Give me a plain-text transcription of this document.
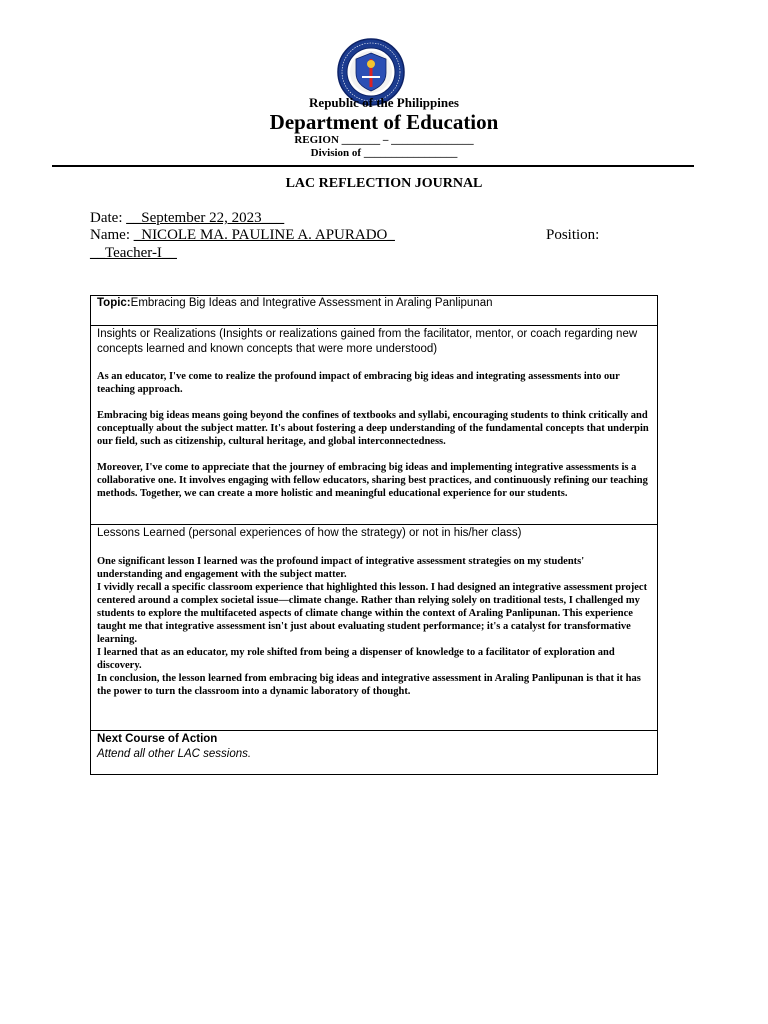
Republic of the Philippines
Department of Education
REGION _______ – _______________
Division of _________________
LAC REFLECTION JOURNAL
Date: __September 22, 2023___
Name: _NICOLE MA. PAULINE A. APURADO_	Position:
__Teacher-I__
Topic:Embracing Big Ideas and Integrative Assessment in Araling Panlipunan
Insights or Realizations (Insights or realizations gained from the facilitator, mentor, or coach regarding new concepts learned and known concepts that were more understood)

As an educator, I've come to realize the profound impact of embracing big ideas and integrating assessments into our teaching approach.

Embracing big ideas means going beyond the confines of textbooks and syllabi, encouraging students to think critically and conceptually about the subject matter. It's about fostering a deep understanding of the fundamental concepts that underpin our field, such as citizenship, cultural heritage, and global interconnectedness.

Moreover, I've come to appreciate that the journey of embracing big ideas and implementing integrative assessments is a collaborative one. It involves engaging with fellow educators, sharing best practices, and continuously refining our teaching methods. Together, we can create a more holistic and meaningful educational experience for our students.

Lessons Learned (personal experiences of how the strategy) or not in his/her class)

One significant lesson I learned was the profound impact of integrative assessment strategies on my students' understanding and engagement with the subject matter.

I vividly recall a specific classroom experience that highlighted this lesson. I had designed an integrative assessment project centered around a complex societal issue—climate change. Rather than relying solely on traditional tests, I challenged my students to explore the multifaceted aspects of climate change within the context of Araling Panlipunan. This experience taught me that integrative assessment isn't just about evaluating student performance; it's a catalyst for transformative learning.

I learned that as an educator, my role shifted from being a dispenser of knowledge to a facilitator of exploration and discovery.

In conclusion, the lesson learned from embracing big ideas and integrative assessment in Araling Panlipunan is that it has the power to turn the classroom into a dynamic laboratory of thought.

Next Course of Action
Attend all other LAC sessions.
